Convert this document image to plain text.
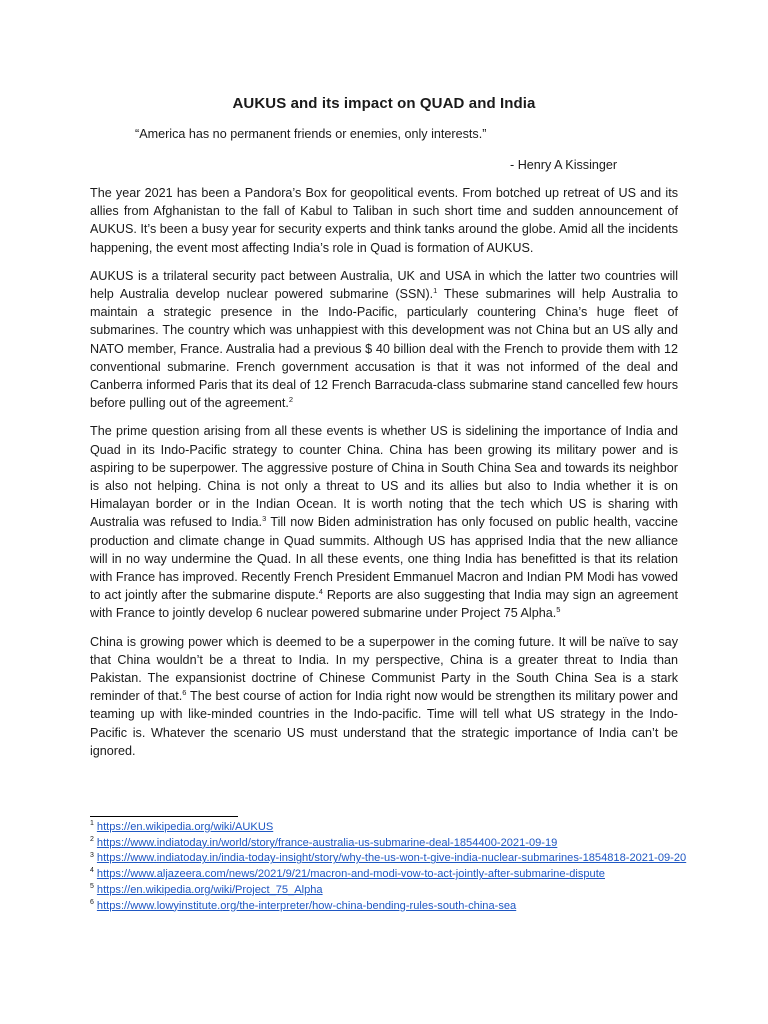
AUKUS and its impact on QUAD and India
“America has no permanent friends or enemies, only interests.”
- Henry A Kissinger

The year 2021 has been a Pandora’s Box for geopolitical events. From botched up retreat of US and its allies from Afghanistan to the fall of Kabul to Taliban in such short time and sudden announcement of AUKUS. It’s been a busy year for security experts and think tanks around the globe. Amid all the incidents happening, the event most affecting India’s role in Quad is formation of AUKUS.

AUKUS is a trilateral security pact between Australia, UK and USA in which the latter two countries will help Australia develop nuclear powered submarine (SSN).$^1$ These submarines will help Australia to maintain a strategic presence in the Indo-Pacific, particularly countering China’s huge fleet of submarines. The country which was unhappiest with this development was not China but an US ally and NATO member, France. Australia had a previous $ 40 billion deal with the French to provide them with 12 conventional submarine. French government accusation is that it was not informed of the deal and Canberra informed Paris that its deal of 12 French Barracuda-class submarine stand cancelled few hours before pulling out of the agreement.$^2$

The prime question arising from all these events is whether US is sidelining the importance of India and Quad in its Indo-Pacific strategy to counter China. China has been growing its military power and is aspiring to be superpower. The aggressive posture of China in South China Sea and towards its neighbor is also not helping. China is not only a threat to US and its allies but also to India whether it is on Himalayan border or in the Indian Ocean. It is worth noting that the tech which US is sharing with Australia was refused to India.$^3$ Till now Biden administration has only focused on public health, vaccine production and climate change in Quad summits. Although US has apprised India that the new alliance will in no way undermine the Quad. In all these events, one thing India has benefitted is that its relation with France has improved. Recently French President Emmanuel Macron and Indian PM Modi has vowed to act jointly after the submarine dispute.$^4$ Reports are also suggesting that India may sign an agreement with France to jointly develop 6 nuclear powered submarine under Project 75 Alpha.$^5$

China is growing power which is deemed to be a superpower in the coming future. It will be naïve to say that China wouldn’t be a threat to India. In my perspective, China is a greater threat to India than Pakistan. The expansionist doctrine of Chinese Communist Party in the South China Sea is a stark reminder of that.$^6$ The best course of action for India right now would be strengthen its military power and teaming up with like-minded countries in the Indo-pacific. Time will tell what US strategy in the Indo-Pacific is. Whatever the scenario US must understand that the strategic importance of India can’t be ignored.

$^1$ https://en.wikipedia.org/wiki/AUKUS
$^2$ https://www.indiatoday.in/world/story/france-australia-us-submarine-deal-1854400-2021-09-19
$^3$ https://www.indiatoday.in/india-today-insight/story/why-the-us-won-t-give-india-nuclear-submarines-1854818-2021-09-20
$^4$ https://www.aljazeera.com/news/2021/9/21/macron-and-modi-vow-to-act-jointly-after-submarine-dispute
$^5$ https://en.wikipedia.org/wiki/Project_75_Alpha
$^6$ https://www.lowyinstitute.org/the-interpreter/how-china-bending-rules-south-china-sea
